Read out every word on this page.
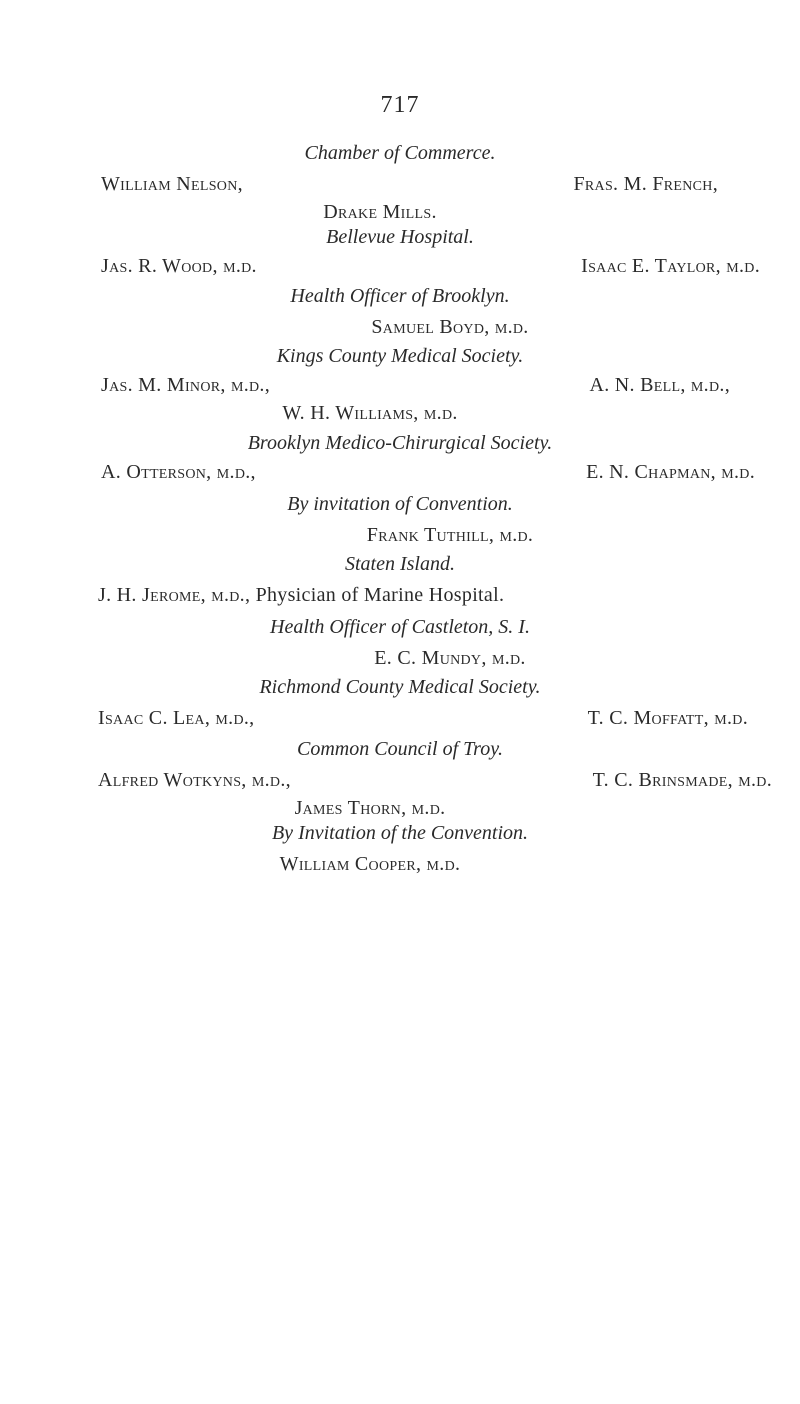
717
Chamber of Commerce.
William Nelson,	Fras. M. French,
Drake Mills.
Bellevue Hospital.
Jas. R. Wood, m.d.	Isaac E. Taylor, m.d.
Health Officer of Brooklyn.
Samuel Boyd, m.d.
Kings County Medical Society.
Jas. M. Minor, m.d.,	A. N. Bell, m.d.,
W. H. Williams, m.d.
Brooklyn Medico-Chirurgical Society.
A. Otterson, m.d.,	E. N. Chapman, m.d.
By invitation of Convention.
Frank Tuthill, m.d.
Staten Island.
J. H. Jerome, m.d., Physician of Marine Hospital.
Health Officer of Castleton, S. I.
E. C. Mundy, m.d.
Richmond County Medical Society.
Isaac C. Lea, m.d.,	T. C. Moffatt, m.d.
Common Council of Troy.
Alfred Wotkyns, m.d.,	T. C. Brinsmade, m.d.
James Thorn, m.d.
By Invitation of the Convention.
William Cooper, m.d.
